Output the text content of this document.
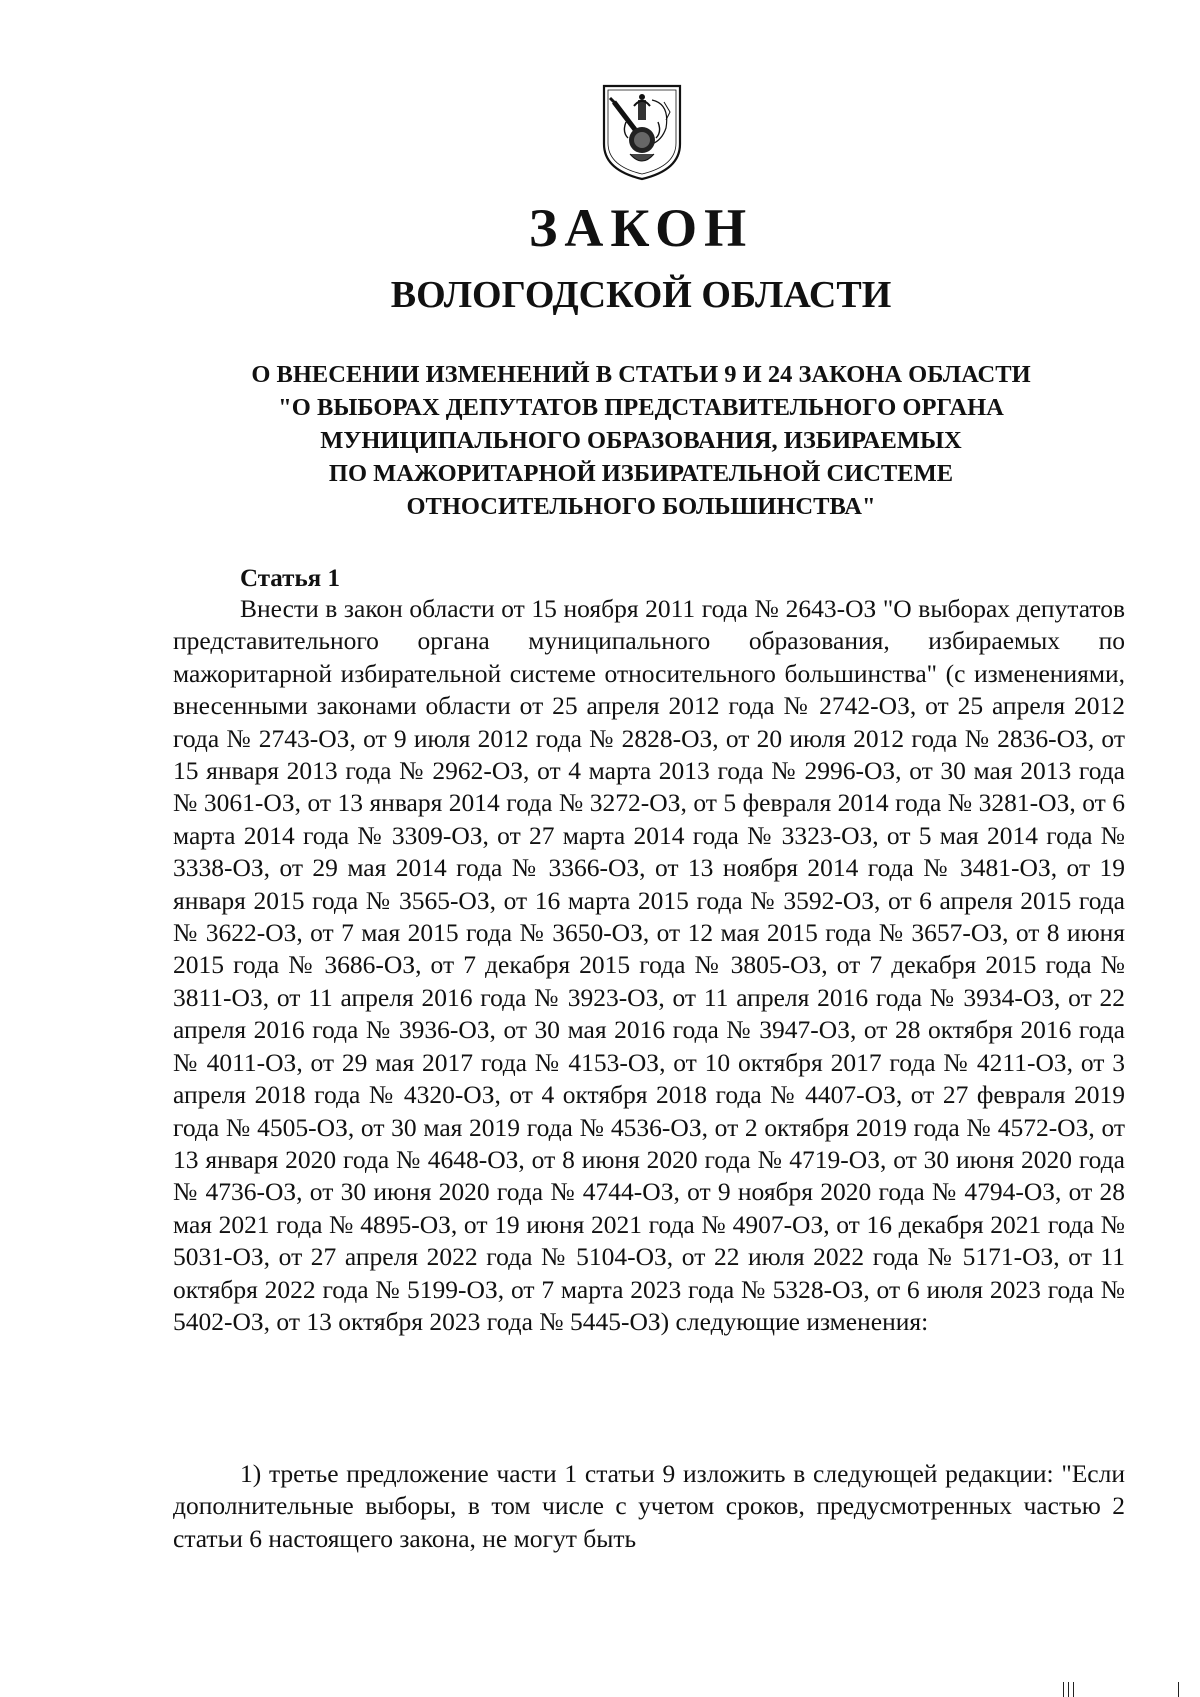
ЗАКОН
ВОЛОГОДСКОЙ ОБЛАСТИ
О ВНЕСЕНИИ ИЗМЕНЕНИЙ В СТАТЬИ 9 И 24 ЗАКОНА ОБЛАСТИ
"О ВЫБОРАХ ДЕПУТАТОВ ПРЕДСТАВИТЕЛЬНОГО ОРГАНА
МУНИЦИПАЛЬНОГО ОБРАЗОВАНИЯ, ИЗБИРАЕМЫХ
ПО МАЖОРИТАРНОЙ ИЗБИРАТЕЛЬНОЙ СИСТЕМЕ
ОТНОСИТЕЛЬНОГО БОЛЬШИНСТВА"
Статья 1

Внести в закон области от 15 ноября 2011 года № 2643-ОЗ "О выборах депутатов представительного органа муниципального образования, избираемых по мажоритарной избирательной системе относительного большинства" (с изменениями, внесенными законами области от 25 апреля 2012 года № 2742-ОЗ, от 25 апреля 2012 года № 2743-ОЗ, от 9 июля 2012 года № 2828-ОЗ, от 20 июля 2012 года № 2836-ОЗ, от 15 января 2013 года № 2962-ОЗ, от 4 марта 2013 года № 2996-ОЗ, от 30 мая 2013 года № 3061-ОЗ, от 13 января 2014 года № 3272-ОЗ, от 5 февраля 2014 года № 3281-ОЗ, от 6 марта 2014 года № 3309-ОЗ, от 27 марта 2014 года № 3323-ОЗ, от 5 мая 2014 года № 3338-ОЗ, от 29 мая 2014 года № 3366-ОЗ, от 13 ноября 2014 года № 3481-ОЗ, от 19 января 2015 года № 3565-ОЗ, от 16 марта 2015 года № 3592-ОЗ, от 6 апреля 2015 года № 3622-ОЗ, от 7 мая 2015 года № 3650-ОЗ, от 12 мая 2015 года № 3657-ОЗ, от 8 июня 2015 года № 3686-ОЗ, от 7 декабря 2015 года № 3805-ОЗ, от 7 декабря 2015 года № 3811-ОЗ, от 11 апреля 2016 года № 3923-ОЗ, от 11 апреля 2016 года № 3934-ОЗ, от 22 апреля 2016 года № 3936-ОЗ, от 30 мая 2016 года № 3947-ОЗ, от 28 октября 2016 года № 4011-ОЗ, от 29 мая 2017 года № 4153-ОЗ, от 10 октября 2017 года № 4211-ОЗ, от 3 апреля 2018 года № 4320-ОЗ, от 4 октября 2018 года № 4407-ОЗ, от 27 февраля 2019 года № 4505-ОЗ, от 30 мая 2019 года № 4536-ОЗ, от 2 октября 2019 года № 4572-ОЗ, от 13 января 2020 года № 4648-ОЗ, от 8 июня 2020 года № 4719-ОЗ, от 30 июня 2020 года № 4736-ОЗ, от 30 июня 2020 года № 4744-ОЗ, от 9 ноября 2020 года № 4794-ОЗ, от 28 мая 2021 года № 4895-ОЗ, от 19 июня 2021 года № 4907-ОЗ, от 16 декабря 2021 года № 5031-ОЗ, от 27 апреля 2022 года № 5104-ОЗ, от 22 июля 2022 года № 5171-ОЗ, от 11 октября 2022 года № 5199-ОЗ, от 7 марта 2023 года № 5328-ОЗ, от 6 июля 2023 года № 5402-ОЗ, от 13 октября 2023 года № 5445-ОЗ) следующие изменения:

1) третье предложение части 1 статьи 9 изложить в следующей редакции: "Если дополнительные выборы, в том числе с учетом сроков, предусмотренных частью 2 статьи 6 настоящего закона, не могут быть
